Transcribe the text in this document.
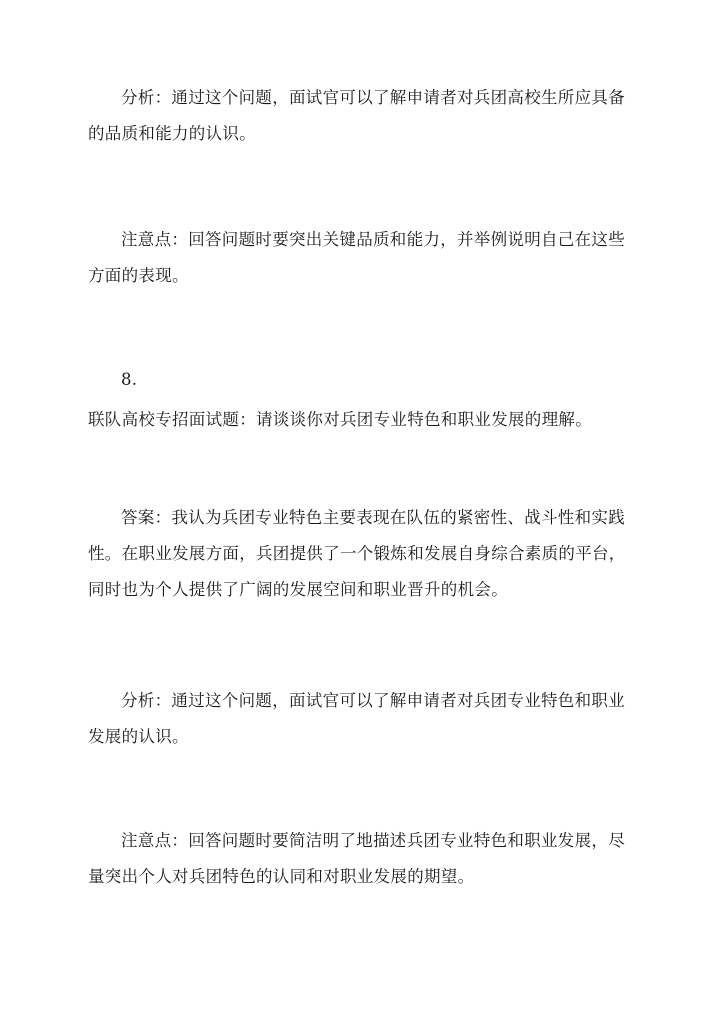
分析：通过这个问题，面试官可以了解申请者对兵团高校生所应具备
的品质和能力的认识。

注意点：回答问题时要突出关键品质和能力，并举例说明自己在这些
方面的表现。

8.

联队高校专招面试题：请谈谈你对兵团专业特色和职业发展的理解。

答案：我认为兵团专业特色主要表现在队伍的紧密性、战斗性和实践
性。在职业发展方面，兵团提供了一个锻炼和发展自身综合素质的平台，
同时也为个人提供了广阔的发展空间和职业晋升的机会。

分析：通过这个问题，面试官可以了解申请者对兵团专业特色和职业
发展的认识。

注意点：回答问题时要简洁明了地描述兵团专业特色和职业发展，尽
量突出个人对兵团特色的认同和对职业发展的期望。
